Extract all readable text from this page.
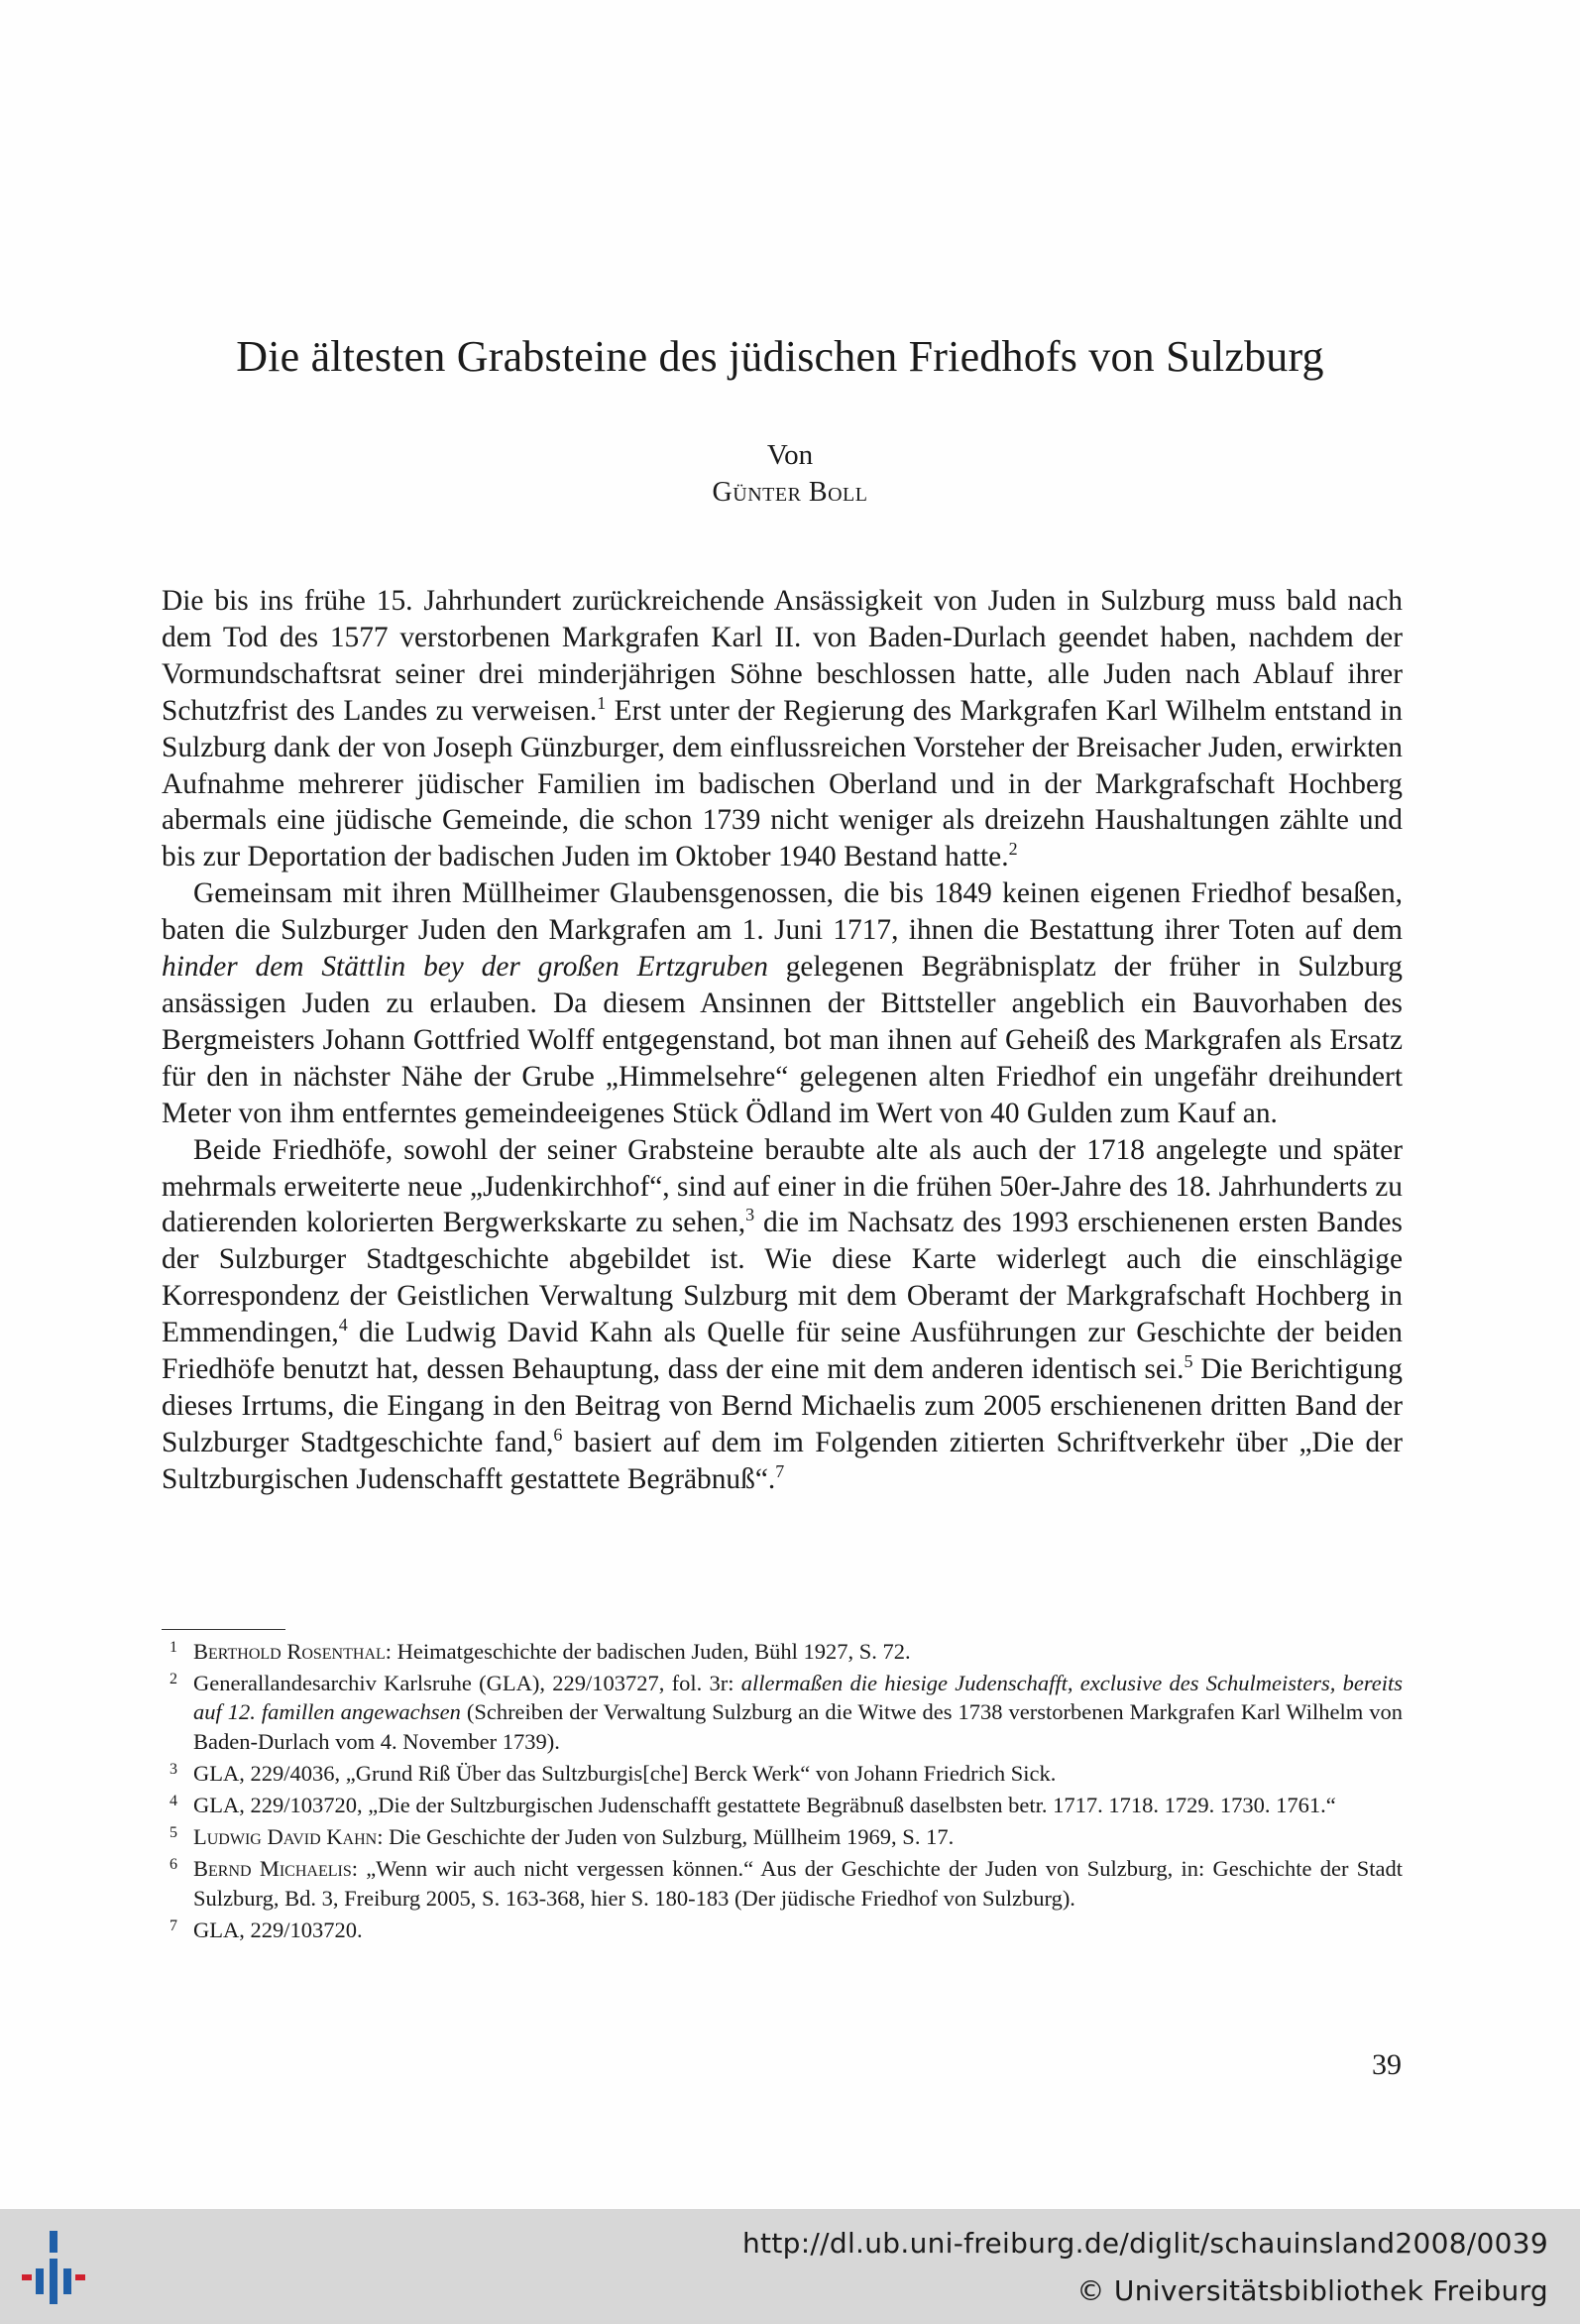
Die ältesten Grabsteine des jüdischen Friedhofs von Sulzburg
Von
Günter Boll

Die bis ins frühe 15. Jahrhundert zurückreichende Ansässigkeit von Juden in Sulzburg muss bald nach dem Tod des 1577 verstorbenen Markgrafen Karl II. von Baden-Durlach geendet haben, nachdem der Vormundschaftsrat seiner drei minderjährigen Söhne beschlossen hatte, alle Juden nach Ablauf ihrer Schutzfrist des Landes zu verweisen.$^1$ Erst unter der Regierung des Markgrafen Karl Wilhelm entstand in Sulzburg dank der von Joseph Günzburger, dem einflussreichen Vorsteher der Breisacher Juden, erwirkten Aufnahme mehrerer jüdischer Familien im badischen Oberland und in der Markgrafschaft Hochberg abermals eine jüdische Gemeinde, die schon 1739 nicht weniger als dreizehn Haushaltungen zählte und bis zur Deportation der badischen Juden im Oktober 1940 Bestand hatte.$^2$

Gemeinsam mit ihren Müllheimer Glaubensgenossen, die bis 1849 keinen eigenen Friedhof besaßen, baten die Sulzburger Juden den Markgrafen am 1. Juni 1717, ihnen die Bestattung ihrer Toten auf dem hinder dem Stättlin bey der großen Ertzgruben gelegenen Begräbnisplatz der früher in Sulzburg ansässigen Juden zu erlauben. Da diesem Ansinnen der Bittsteller angeblich ein Bauvorhaben des Bergmeisters Johann Gottfried Wolff entgegenstand, bot man ihnen auf Geheiß des Markgrafen als Ersatz für den in nächster Nähe der Grube „Himmelsehre“ gelegenen alten Friedhof ein ungefähr dreihundert Meter von ihm entferntes gemeindeeigenes Stück Ödland im Wert von 40 Gulden zum Kauf an.

Beide Friedhöfe, sowohl der seiner Grabsteine beraubte alte als auch der 1718 angelegte und später mehrmals erweiterte neue „Judenkirchhof“, sind auf einer in die frühen 50er-Jahre des 18. Jahrhunderts zu datierenden kolorierten Bergwerkskarte zu sehen,$^3$ die im Nachsatz des 1993 erschienenen ersten Bandes der Sulzburger Stadtgeschichte abgebildet ist. Wie diese Karte widerlegt auch die einschlägige Korrespondenz der Geistlichen Verwaltung Sulzburg mit dem Oberamt der Markgrafschaft Hochberg in Emmendingen,$^4$ die Ludwig David Kahn als Quelle für seine Ausführungen zur Geschichte der beiden Friedhöfe benutzt hat, dessen Behauptung, dass der eine mit dem anderen identisch sei.$^5$ Die Berichtigung dieses Irrtums, die Eingang in den Beitrag von Bernd Michaelis zum 2005 erschienenen dritten Band der Sulzburger Stadtgeschichte fand,$^6$ basiert auf dem im Folgenden zitierten Schriftverkehr über „Die der Sultzburgischen Judenschafft gestattete Begräbnuß“.$^7$

1 Berthold Rosenthal: Heimatgeschichte der badischen Juden, Bühl 1927, S. 72.
2 Generallandesarchiv Karlsruhe (GLA), 229/103727, fol. 3r: allermaßen die hiesige Judenschafft, exclusive des Schulmeisters, bereits auf 12. famillen angewachsen (Schreiben der Verwaltung Sulzburg an die Witwe des 1738 verstorbenen Markgrafen Karl Wilhelm von Baden-Durlach vom 4. November 1739).
3 GLA, 229/4036, „Grund Riß Über das Sultzburgis[che] Berck Werk“ von Johann Friedrich Sick.
4 GLA, 229/103720, „Die der Sultzburgischen Judenschafft gestattete Begräbnuß daselbsten betr. 1717. 1718. 1729. 1730. 1761.“
5 Ludwig David Kahn: Die Geschichte der Juden von Sulzburg, Müllheim 1969, S. 17.
6 Bernd Michaelis: „Wenn wir auch nicht vergessen können.“ Aus der Geschichte der Juden von Sulzburg, in: Geschichte der Stadt Sulzburg, Bd. 3, Freiburg 2005, S. 163-368, hier S. 180-183 (Der jüdische Friedhof von Sulzburg).
7 GLA, 229/103720.
39
http://dl.ub.uni-freiburg.de/diglit/schauinsland2008/0039
© Universitätsbibliothek Freiburg
